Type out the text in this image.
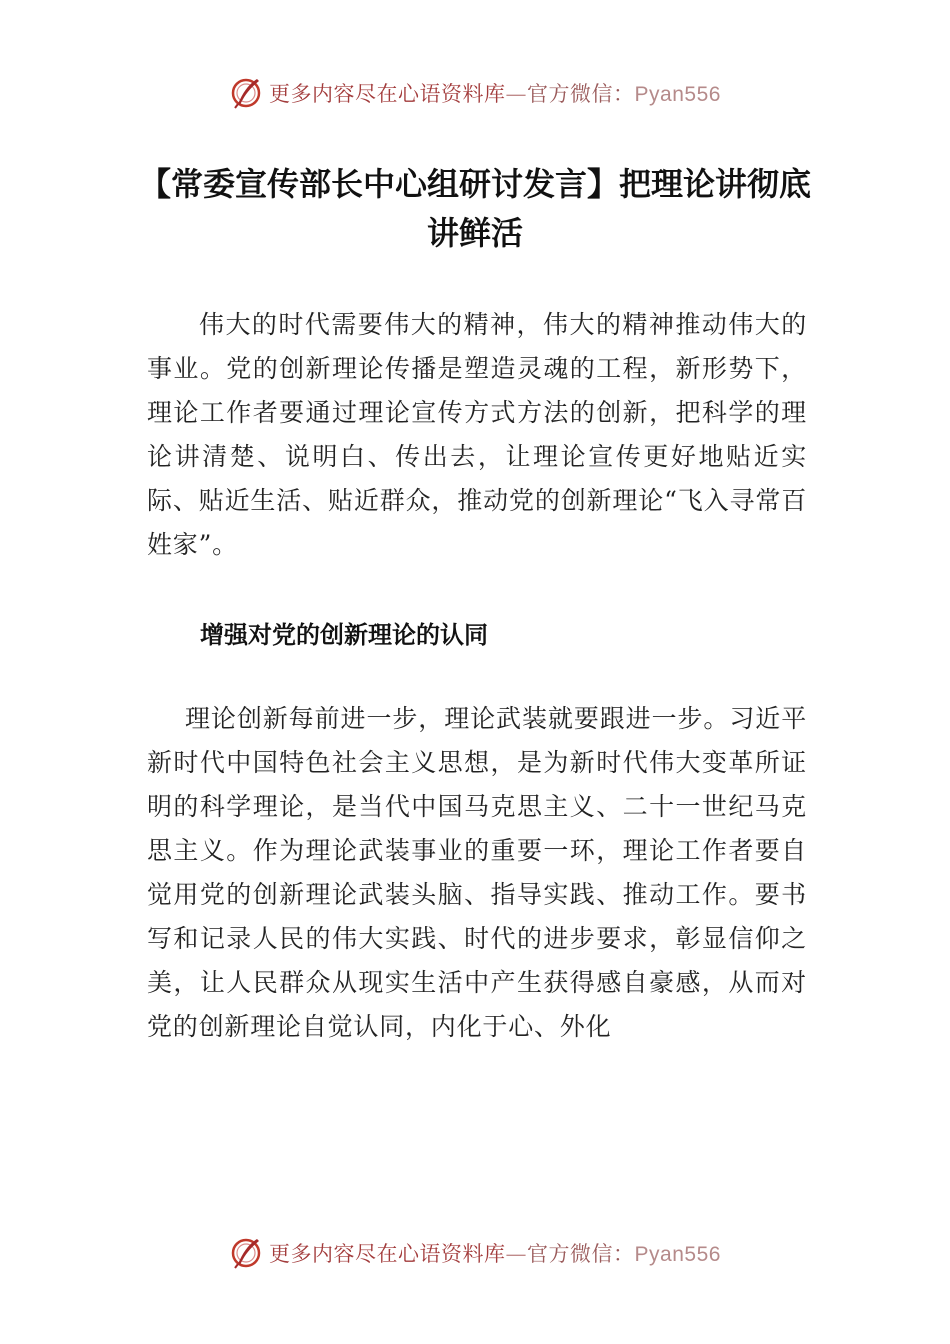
更多内容尽在心语资料库—官方微信：Pyan556
【常委宣传部长中心组研讨发言】把理论讲彻底讲鲜活

伟大的时代需要伟大的精神，伟大的精神推动伟大的事业。党的创新理论传播是塑造灵魂的工程，新形势下，理论工作者要通过理论宣传方式方法的创新，把科学的理论讲清楚、说明白、传出去，让理论宣传更好地贴近实际、贴近生活、贴近群众，推动党的创新理论“飞入寻常百姓家”。

增强对党的创新理论的认同

理论创新每前进一步，理论武装就要跟进一步。习近平新时代中国特色社会主义思想，是为新时代伟大变革所证明的科学理论，是当代中国马克思主义、二十一世纪马克思主义。作为理论武装事业的重要一环，理论工作者要自觉用党的创新理论武装头脑、指导实践、推动工作。要书写和记录人民的伟大实践、时代的进步要求，彰显信仰之美，让人民群众从现实生活中产生获得感自豪感，从而对党的创新理论自觉认同，内化于心、外化

更多内容尽在心语资料库—官方微信：Pyan556
